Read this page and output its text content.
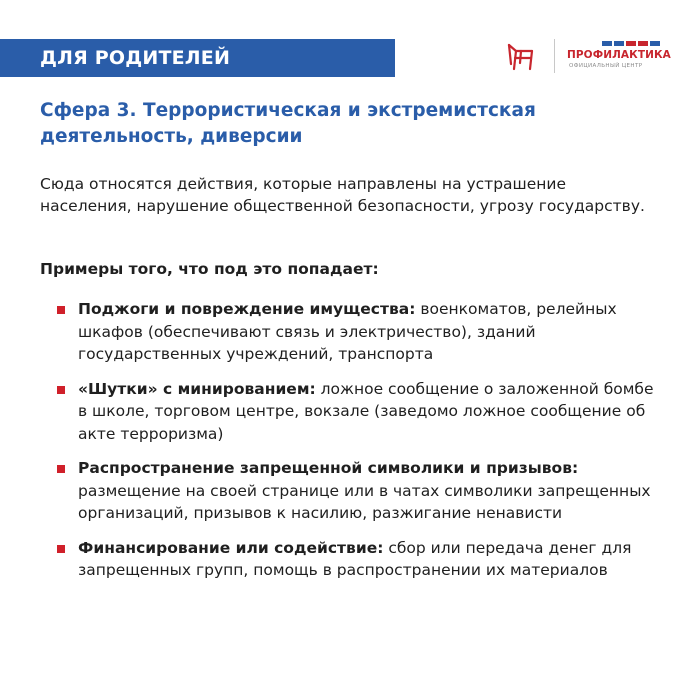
ДЛЯ РОДИТЕЛЕЙ	ПРОФИЛАКТИКА
ОФИЦИАЛЬНЫЙ ЦЕНТР
Сфера 3. Террористическая и экстремистская деятельность, диверсии

Сюда относятся действия, которые направлены на устрашение населения, нарушение общественной безопасности, угрозу государству.

Примеры того, что под это попадает:

Поджоги и повреждение имущества: военкоматов, релейных шкафов (обеспечивают связь и электричество), зданий государственных учреждений, транспорта
«Шутки» с минированием: ложное сообщение о заложенной бомбе в школе, торговом центре, вокзале (заведомо ложное сообщение об акте терроризма)
Распространение запрещенной символики и призывов: размещение на своей странице или в чатах символики запрещенных организаций, призывов к насилию, разжигание ненависти
Финансирование или содействие: сбор или передача денег для запрещенных групп, помощь в распространении их материалов
